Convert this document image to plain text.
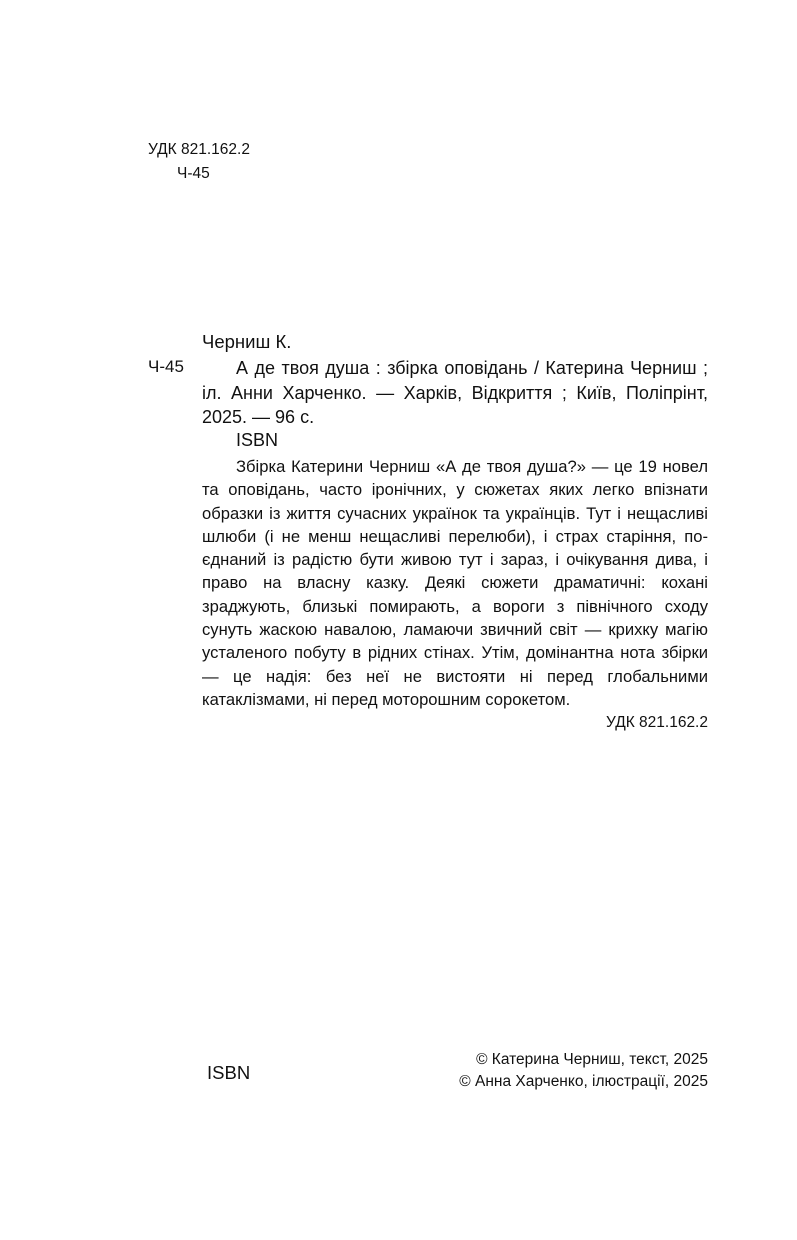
УДК 821.162.2
Ч-45
Черниш К.
Ч-45	А де твоя душа : збірка оповідань / Катерина Черниш ; іл. Анни Харченко. — Харків, Відкриття ; Київ, Поліпрінт, 2025. — 96 с.

ISBN

Збірка Катерини Черниш «А де твоя душа?» — це 19 новел та оповідань, часто іронічних, у сюжетах яких легко впізнати образки із життя сучасних українок та українців. Тут і нещасливі шлюби (і не менш нещасливі перелюби), і страх старіння, по-єднаний із радістю бути живою тут і зараз, і очікування дива, і право на власну казку. Деякі сюжети драматичні: кохані зраджують, близькі помирають, а вороги з північного сходу сунуть жаскою навалою, ламаючи звичний світ — крихку магію усталеного побуту в рідних стінах. Утім, домінантна нота збірки — це надія: без неї не вистояти ні перед глобальними катаклізмами, ні перед моторошним сорокетом.

УДК 821.162.2
ISBN
© Катерина Черниш, текст, 2025
© Анна Харченко, ілюстрації, 2025
